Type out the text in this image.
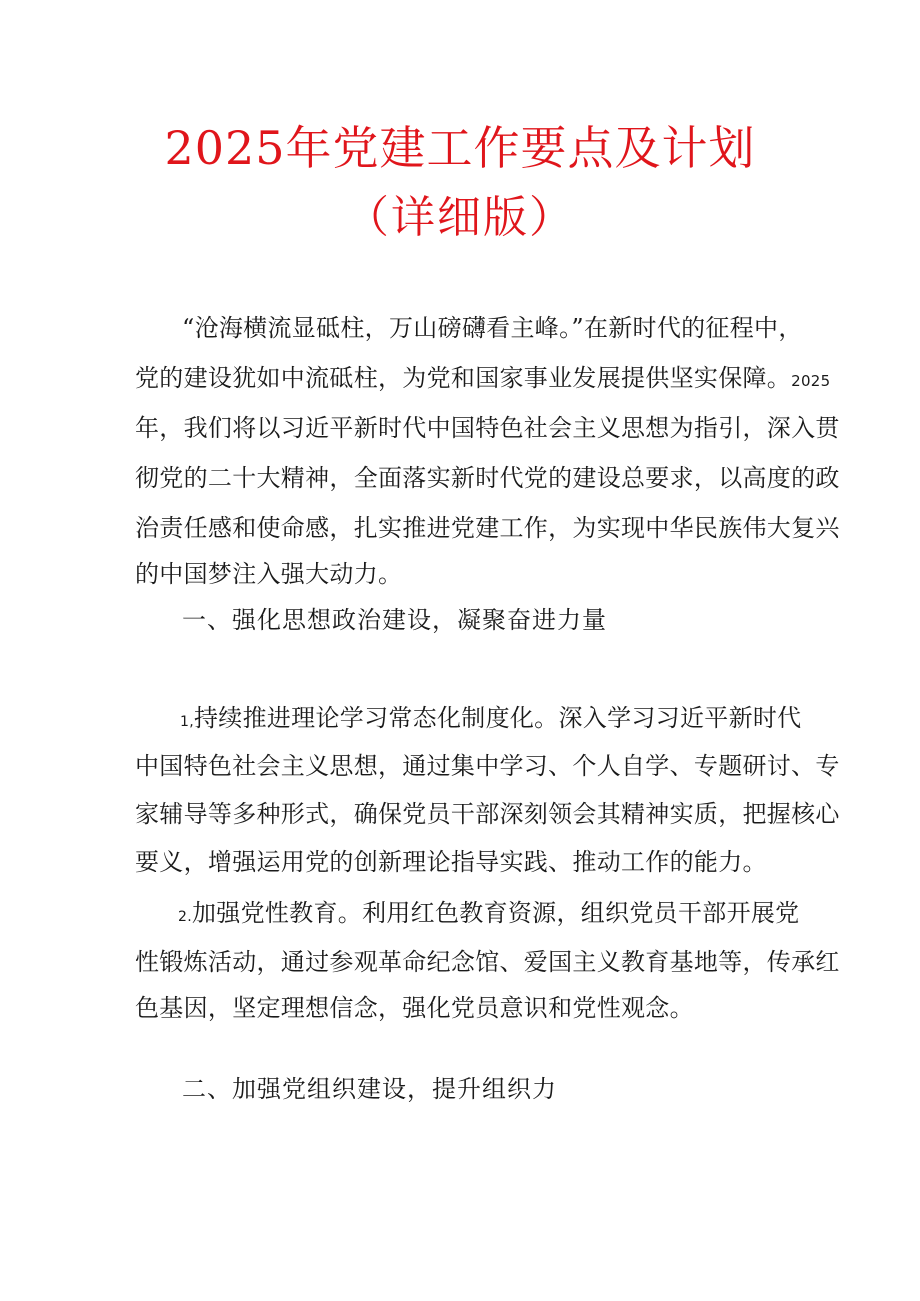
2025年党建工作要点及计划
（详细版）
“沧海横流显砥柱，万山磅礴看主峰。”在新时代的征程中，
党的建设犹如中流砥柱，为党和国家事业发展提供坚实保障。2025
年，我们将以习近平新时代中国特色社会主义思想为指引，深入贯
彻党的二十大精神，全面落实新时代党的建设总要求，以高度的政
治责任感和使命感，扎实推进党建工作，为实现中华民族伟大复兴
的中国梦注入强大动力。
一、强化思想政治建设，凝聚奋进力量
1,持续推进理论学习常态化制度化。深入学习习近平新时代
中国特色社会主义思想，通过集中学习、个人自学、专题研讨、专
家辅导等多种形式，确保党员干部深刻领会其精神实质，把握核心
要义，增强运用党的创新理论指导实践、推动工作的能力。
2.加强党性教育。利用红色教育资源，组织党员干部开展党
性锻炼活动，通过参观革命纪念馆、爱国主义教育基地等，传承红
色基因，坚定理想信念，强化党员意识和党性观念。
二、加强党组织建设，提升组织力
